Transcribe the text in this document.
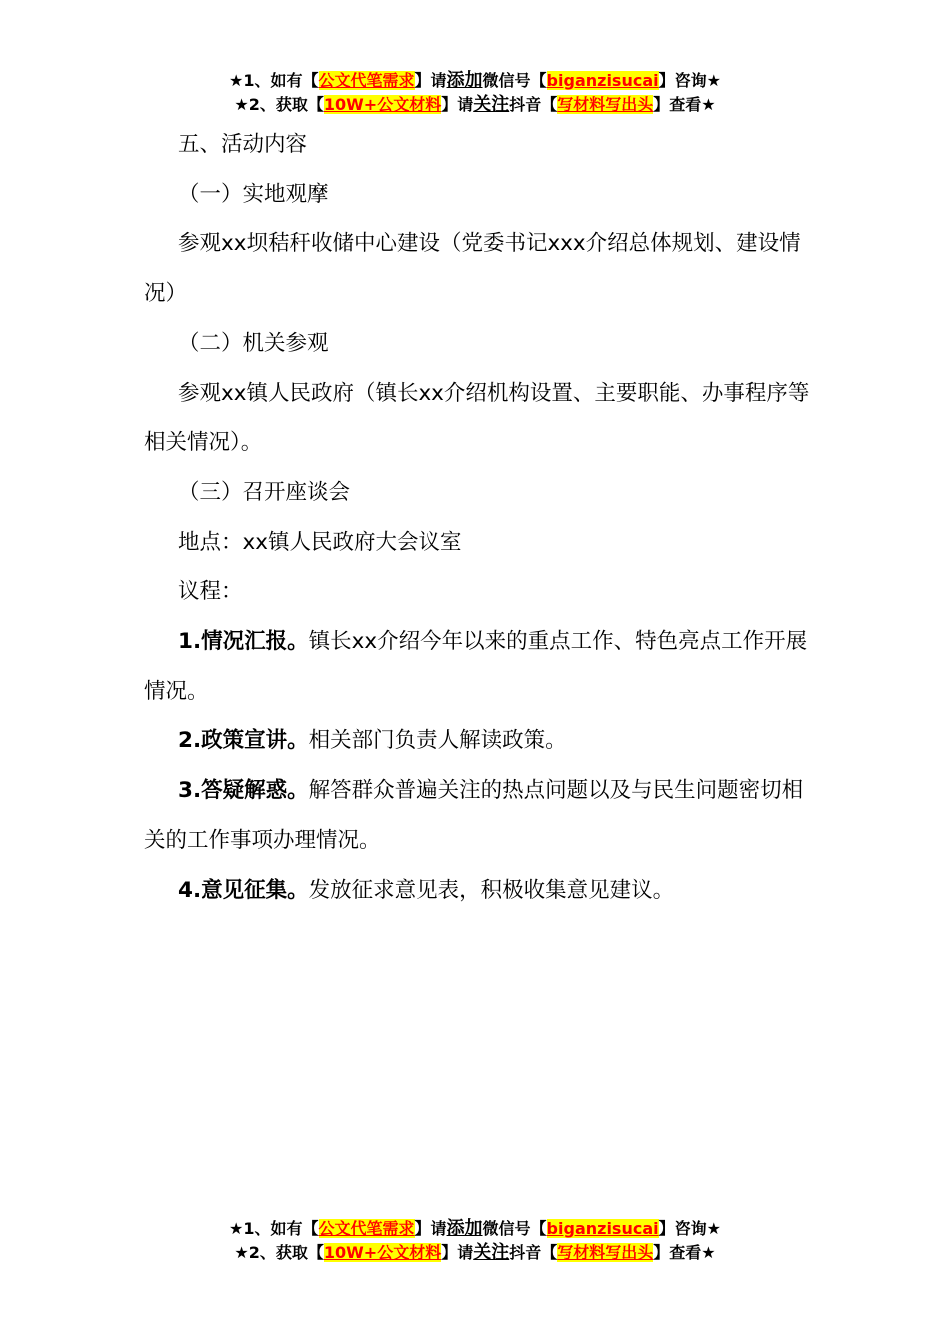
★1、如有【公文代笔需求】请添加微信号【biganzisucai】咨询★
★2、获取【10W+公文材料】请关注抖音【写材料写出头】查看★

五、活动内容

（一）实地观摩

参观xx坝秸秆收储中心建设（党委书记xxx介绍总体规划、建设情况）

（二）机关参观

参观xx镇人民政府（镇长xx介绍机构设置、主要职能、办事程序等相关情况）。

（三）召开座谈会

地点：xx镇人民政府大会议室

议程：

1.情况汇报。镇长xx介绍今年以来的重点工作、特色亮点工作开展情况。

2.政策宣讲。相关部门负责人解读政策。

3.答疑解惑。解答群众普遍关注的热点问题以及与民生问题密切相关的工作事项办理情况。

4.意见征集。发放征求意见表，积极收集意见建议。

★1、如有【公文代笔需求】请添加微信号【biganzisucai】咨询★
★2、获取【10W+公文材料】请关注抖音【写材料写出头】查看★
